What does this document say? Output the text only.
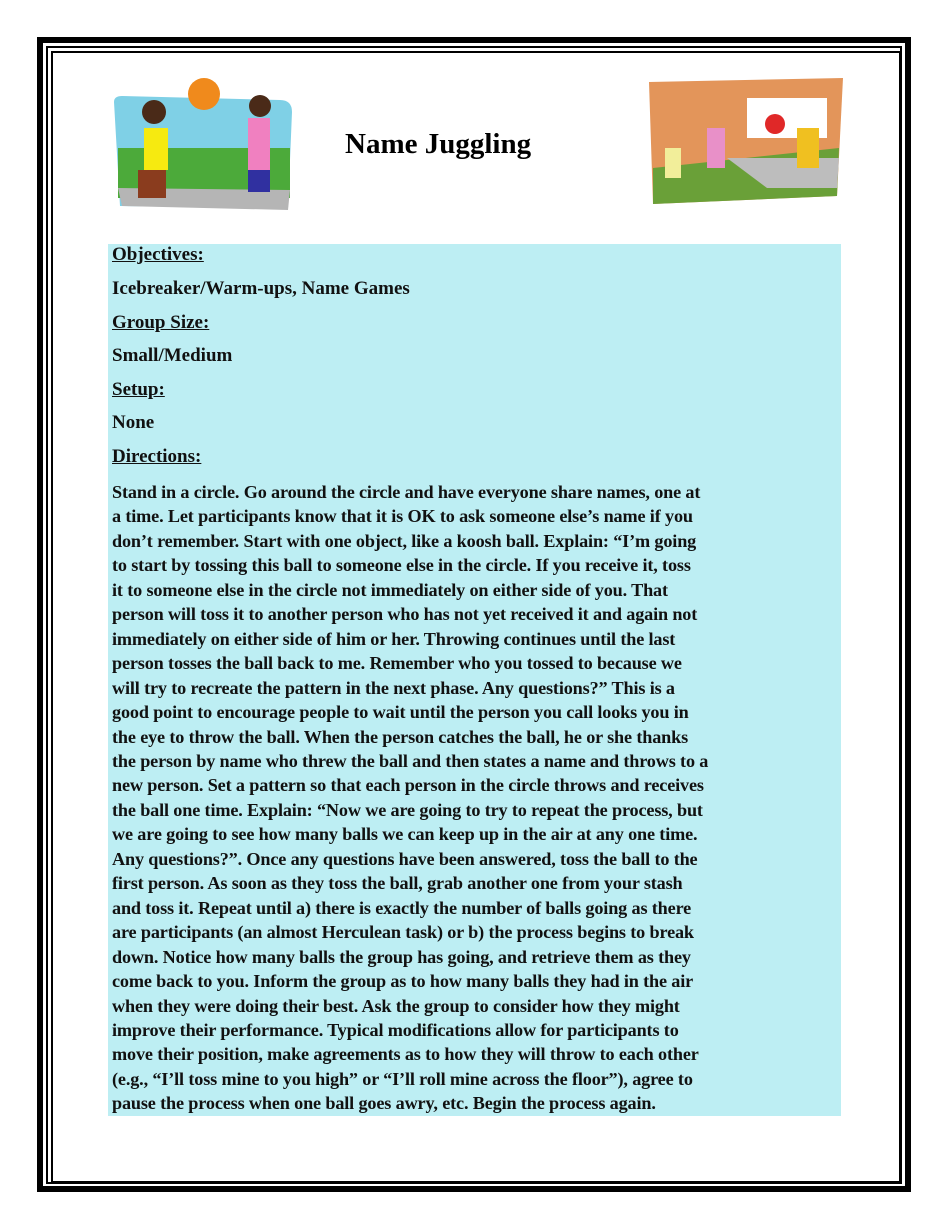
Name Juggling
Objectives:
Icebreaker/Warm-ups, Name Games
Group Size:
Small/Medium
Setup:
None
Directions:
Stand in a circle. Go around the circle and have everyone share names, one at
a time. Let participants know that it is OK to ask someone else’s name if you
don’t remember. Start with one object, like a koosh ball. Explain: “I’m going
to start by tossing this ball to someone else in the circle. If you receive it, toss
it to someone else in the circle not immediately on either side of you. That
person will toss it to another person who has not yet received it and again not
immediately on either side of him or her. Throwing continues until the last
person tosses the ball back to me. Remember who you tossed to because we
will try to recreate the pattern in the next phase. Any questions?” This is a
good point to encourage people to wait until the person you call looks you in
the eye to throw the ball. When the person catches the ball, he or she thanks
the person by name who threw the ball and then states a name and throws to a
new person. Set a pattern so that each person in the circle throws and receives
the ball one time. Explain: “Now we are going to try to repeat the process, but
we are going to see how many balls we can keep up in the air at any one time.
Any questions?”. Once any questions have been answered, toss the ball to the
first person. As soon as they toss the ball, grab another one from your stash
and toss it. Repeat until a) there is exactly the number of balls going as there
are participants (an almost Herculean task) or b) the process begins to break
down. Notice how many balls the group has going, and retrieve them as they
come back to you. Inform the group as to how many balls they had in the air
when they were doing their best. Ask the group to consider how they might
improve their performance. Typical modifications allow for participants to
move their position, make agreements as to how they will throw to each other
(e.g., “I’ll toss mine to you high” or “I’ll roll mine across the floor”), agree to
pause the process when one ball goes awry, etc. Begin the process again.
